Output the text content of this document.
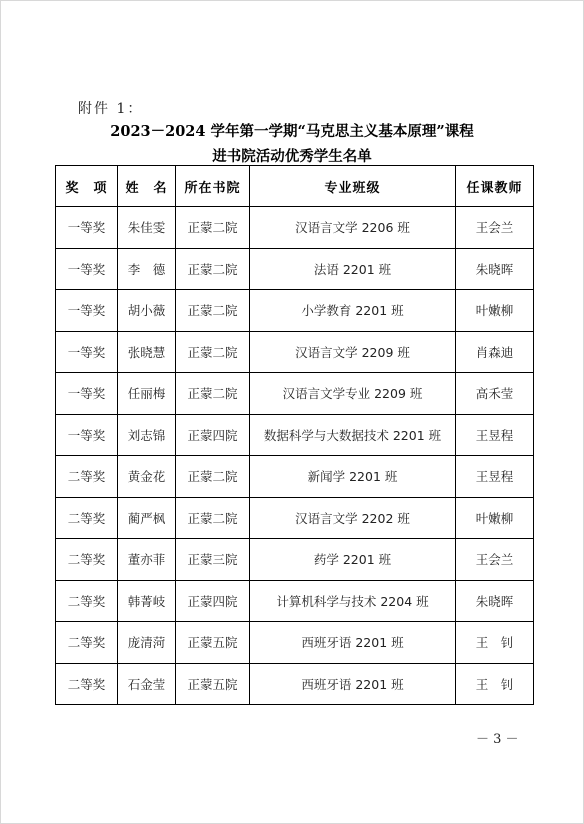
附件 1：
2023－2024 学年第一学期“马克思主义基本原理”课程
进书院活动优秀学生名单
奖　项	姓　名	所在书院	专业班级	任课教师
一等奖	朱佳雯	正蒙二院	汉语言文学 2206 班	王会兰
一等奖	李　德	正蒙二院	法语 2201 班	朱晓晖
一等奖	胡小薇	正蒙二院	小学教育 2201 班	叶嫩柳
一等奖	张晓慧	正蒙二院	汉语言文学 2209 班	肖森迪
一等奖	任丽梅	正蒙二院	汉语言文学专业 2209 班	高禾莹
一等奖	刘志锦	正蒙四院	数据科学与大数据技术 2201 班	王昱程
二等奖	黄金花	正蒙二院	新闻学 2201 班	王昱程
二等奖	蔺严枫	正蒙二院	汉语言文学 2202 班	叶嫩柳
二等奖	董亦菲	正蒙三院	药学 2201 班	王会兰
二等奖	韩菁岐	正蒙四院	计算机科学与技术 2204 班	朱晓晖
二等奖	庞清菏	正蒙五院	西班牙语 2201 班	王　钊
二等奖	石金莹	正蒙五院	西班牙语 2201 班	王　钊
－ 3 －
